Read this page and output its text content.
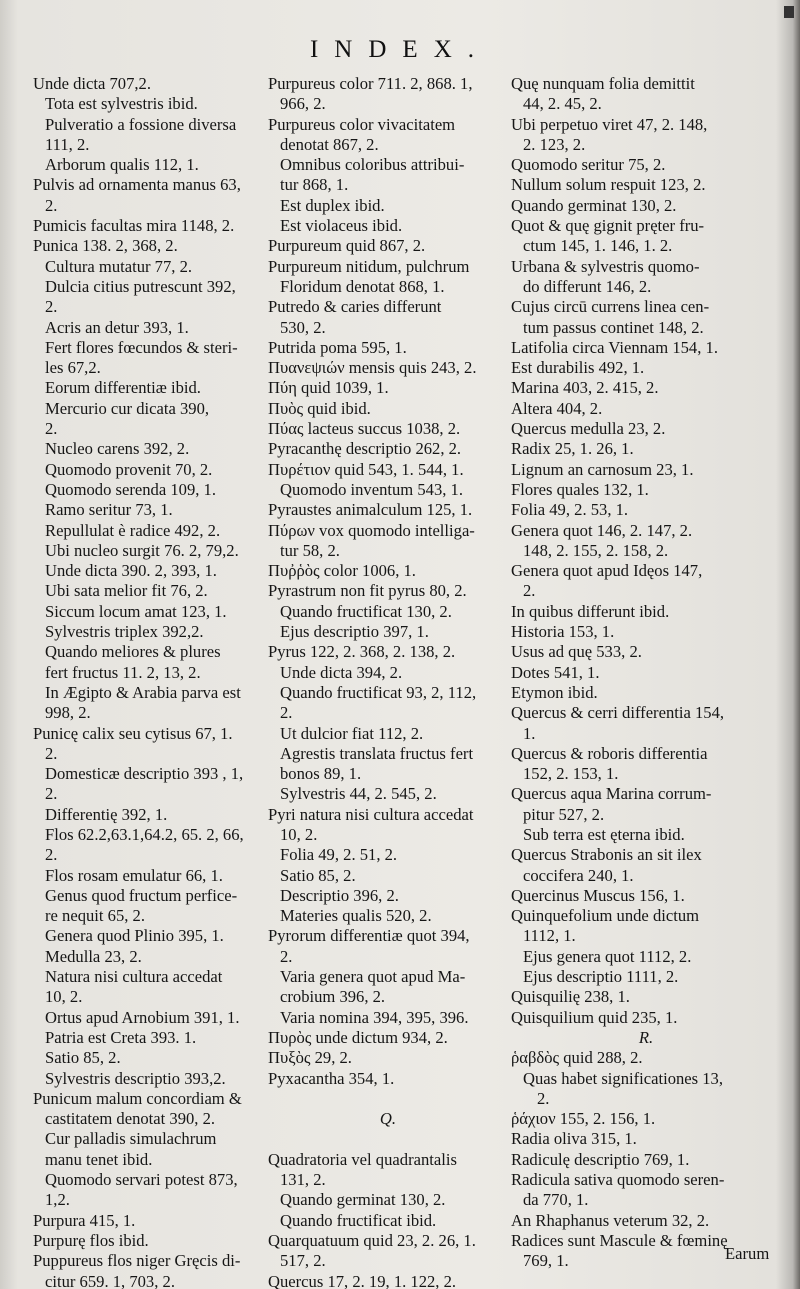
INDEX.
Unde dicta 707,2.
Tota est sylvestris ibid.
Pulveratio a fossione diversa
111, 2.
Arborum qualis 112, 1.
Pulvis ad ornamenta manus 63,
2.
Pumicis facultas mira 1148, 2.
Punica 138. 2, 368, 2.
Cultura mutatur 77, 2.
Dulcia citius putrescunt 392,
2.
Acris an detur 393, 1.
Fert flores fœcundos & steri-
les 67,2.
Eorum differentiæ ibid.
Mercurio cur dicata 390,
2.
Nucleo carens 392, 2.
Quomodo provenit 70, 2.
Quomodo serenda 109, 1.
Ramo seritur 73, 1.
Repullulat è radice 492, 2.
Ubi nucleo surgit 76. 2, 79,2.
Unde dicta 390. 2, 393, 1.
Ubi sata melior fit 76, 2.
Siccum locum amat 123, 1.
Sylvestris triplex 392,2.
Quando meliores & plures
fert fructus 11. 2, 13, 2.
In Ægipto & Arabia parva est
998, 2.
Punicę calix seu cytisus 67, 1.
2.
Domesticæ descriptio 393 , 1,
2.
Differentię 392, 1.
Flos 62.2,63.1,64.2, 65. 2, 66,
2.
Flos rosam emulatur 66, 1.
Genus quod fructum perfice-
re nequit 65, 2.
Genera quod Plinio 395, 1.
Medulla 23, 2.
Natura nisi cultura accedat
10, 2.
Ortus apud Arnobium 391, 1.
Patria est Creta 393. 1.
Satio 85, 2.
Sylvestris descriptio 393,2.
Punicum malum concordiam &
castitatem denotat 390, 2.
Cur palladis simulachrum
manu tenet ibid.
Quomodo servari potest 873,
1,2.
Purpura 415, 1.
Purpurę flos ibid.
Puppureus flos niger Gręcis di-
citur 659. 1, 703, 2.
Purpureus color 711. 2, 868. 1,
966, 2.
Purpureus color vivacitatem
denotat 867, 2.
Omnibus coloribus attribui-
tur 868, 1.
Est duplex ibid.
Est violaceus ibid.
Purpureum quid 867, 2.
Purpureum nitidum, pulchrum
Floridum denotat 868, 1.
Putredo & caries differunt
530, 2.
Putrida poma 595, 1.
Πυανεψιών mensis quis 243, 2.
Πύη quid 1039, 1.
Πυὸς quid ibid.
Πύας lacteus succus 1038, 2.
Pyracanthę descriptio 262, 2.
Πυρέτιον quid 543, 1. 544, 1.
Quomodo inventum 543, 1.
Pyraustes animalculum 125, 1.
Πύρων vox quomodo intelliga-
tur 58, 2.
Πυῤῥὸς color 1006, 1.
Pyrastrum non fit pyrus 80, 2.
Quando fructificat 130, 2.
Ejus descriptio 397, 1.
Pyrus 122, 2. 368, 2. 138, 2.
Unde dicta 394, 2.
Quando fructificat 93, 2, 112,
2.
Ut dulcior fiat 112, 2.
Agrestis translata fructus fert
bonos 89, 1.
Sylvestris 44, 2. 545, 2.
Pyri natura nisi cultura accedat
10, 2.
Folia 49, 2. 51, 2.
Satio 85, 2.
Descriptio 396, 2.
Materies qualis 520, 2.
Pyrorum differentiæ quot 394,
2.
Varia genera quot apud Ma-
crobium 396, 2.
Varia nomina 394, 395, 396.
Πυρὸς unde dictum 934, 2.
Πυξὸς 29, 2.
Pyxacantha 354, 1.

Q.

Quadratoria vel quadrantalis
131, 2.
Quando germinat 130, 2.
Quando fructificat ibid.
Quarquatuum quid 23, 2. 26, 1.
517, 2.
Quercus 17, 2. 19, 1. 122, 2.
Quę nunquam folia demittit
44, 2. 45, 2.
Ubi perpetuo viret 47, 2. 148,
2. 123, 2.
Quomodo seritur 75, 2.
Nullum solum respuit 123, 2.
Quando germinat 130, 2.
Quot & quę gignit pręter fru-
ctum 145, 1. 146, 1. 2.
Urbana & sylvestris quomo-
do differunt 146, 2.
Cujus circū currens linea cen-
tum passus continet 148, 2.
Latifolia circa Viennam 154, 1.
Est durabilis 492, 1.
Marina 403, 2. 415, 2.
Altera 404, 2.
Quercus medulla 23, 2.
Radix 25, 1. 26, 1.
Lignum an carnosum 23, 1.
Flores quales 132, 1.
Folia 49, 2. 53, 1.
Genera quot 146, 2. 147, 2.
148, 2. 155, 2. 158, 2.
Genera quot apud Idęos 147,
2.
In quibus differunt ibid.
Historia 153, 1.
Usus ad quę 533, 2.
Dotes 541, 1.
Etymon ibid.
Quercus & cerri differentia 154,
1.
Quercus & roboris differentia
152, 2. 153, 1.
Quercus aqua Marina corrum-
pitur 527, 2.
Sub terra est ęterna ibid.
Quercus Strabonis an sit ilex
coccifera 240, 1.
Quercinus Muscus 156, 1.
Quinquefolium unde dictum
1112, 1.
Ejus genera quot 1112, 2.
Ejus descriptio 1111, 2.
Quisquilię 238, 1.
Quisquilium quid 235, 1.
R.
ῥαβδὸς quid 288, 2.
Quas habet significationes 13,
2.
ῥάχιον 155, 2. 156, 1.
Radia oliva 315, 1.
Radiculę descriptio 769, 1.
Radicula sativa quomodo seren-
da 770, 1.
An Rhaphanus veterum 32, 2.
Radices sunt Mascule & fœminę
769, 1.	Earum
